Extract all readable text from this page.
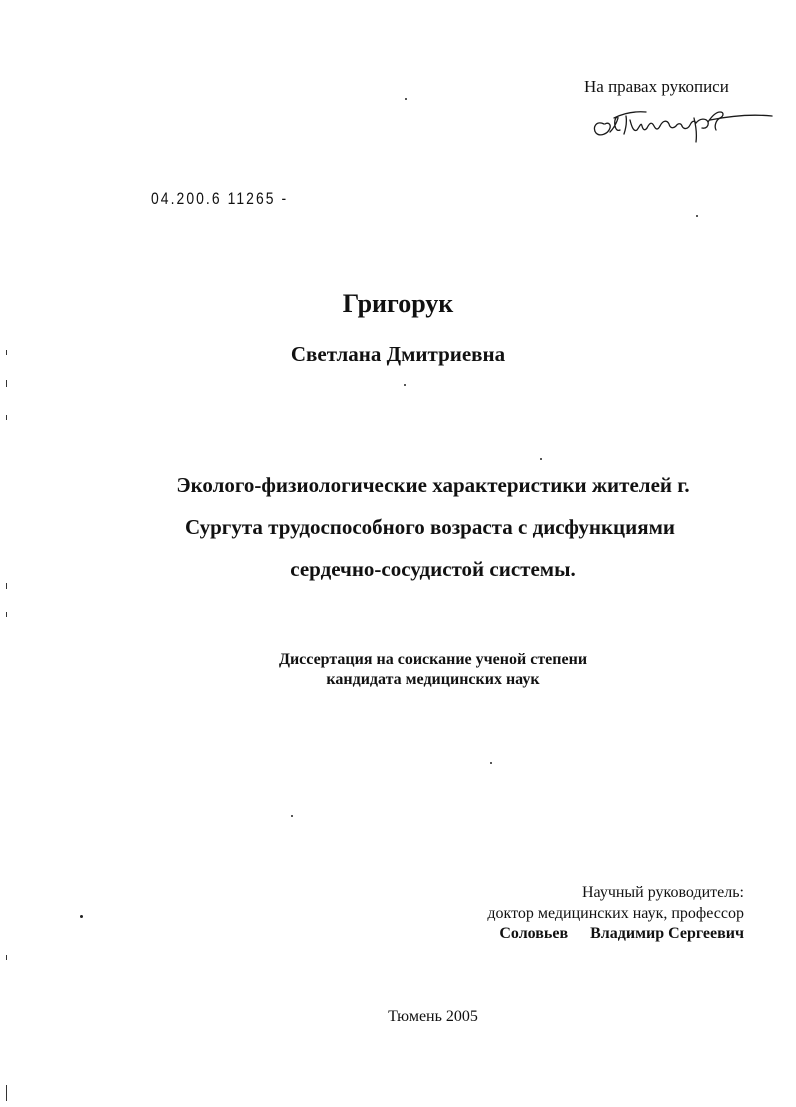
На правах рукописи
04.200.6 11265 -
Григорук
Светлана Дмитриевна
Эколого-физиологические характеристики жителей г.
Сургута трудоспособного возраста с дисфункциями
сердечно-сосудистой системы.
Диссертация на соискание ученой степени
кандидата медицинских наук
Научный руководитель:
доктор медицинских наук, профессор
Соловьев Владимир Сергеевич
Тюмень 2005
